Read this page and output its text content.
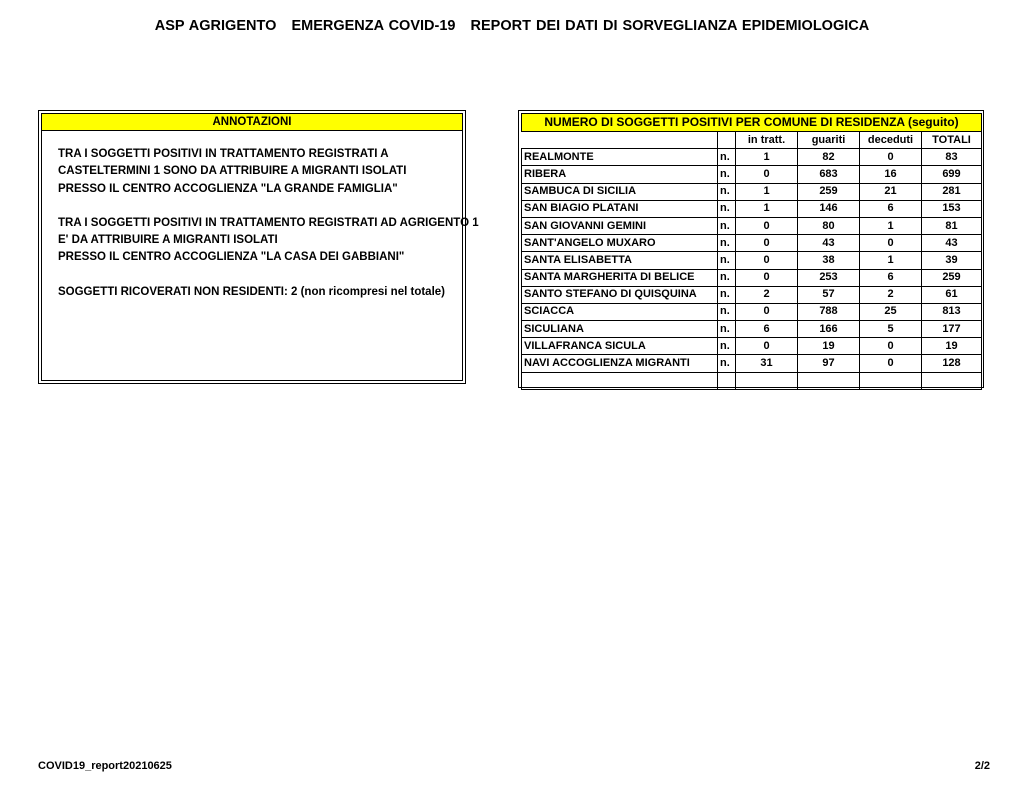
ASP AGRIGENTO   EMERGENZA COVID-19   REPORT DEI DATI DI SORVEGLIANZA EPIDEMIOLOGICA
ANNOTAZIONI

TRA I SOGGETTI POSITIVI IN TRATTAMENTO REGISTRATI A
CASTELTERMINI 1 SONO DA ATTRIBUIRE A MIGRANTI ISOLATI
PRESSO IL CENTRO ACCOGLIENZA "LA GRANDE FAMIGLIA"

TRA I SOGGETTI POSITIVI IN TRATTAMENTO REGISTRATI AD AGRIGENTO 1
E' DA ATTRIBUIRE A MIGRANTI ISOLATI
PRESSO IL CENTRO ACCOGLIENZA "LA CASA DEI GABBIANI"

SOGGETTI RICOVERATI NON RESIDENTI: 2 (non ricompresi nel totale)

NUMERO DI SOGGETTI POSITIVI PER COMUNE DI RESIDENZA (seguito)					
		in tratt.	guariti	deceduti	TOTALI
REALMONTE	n.	1	82	0	83
RIBERA	n.	0	683	16	699
SAMBUCA DI SICILIA	n.	1	259	21	281
SAN BIAGIO PLATANI	n.	1	146	6	153
SAN GIOVANNI GEMINI	n.	0	80	1	81
SANT'ANGELO MUXARO	n.	0	43	0	43
SANTA ELISABETTA	n.	0	38	1	39
SANTA MARGHERITA DI BELICE	n.	0	253	6	259
SANTO STEFANO DI QUISQUINA	n.	2	57	2	61
SCIACCA	n.	0	788	25	813
SICULIANA	n.	6	166	5	177
VILLAFRANCA SICULA	n.	0	19	0	19
NAVI ACCOGLIENZA MIGRANTI	n.	31	97	0	128

COVID19_report20210625	2/2
